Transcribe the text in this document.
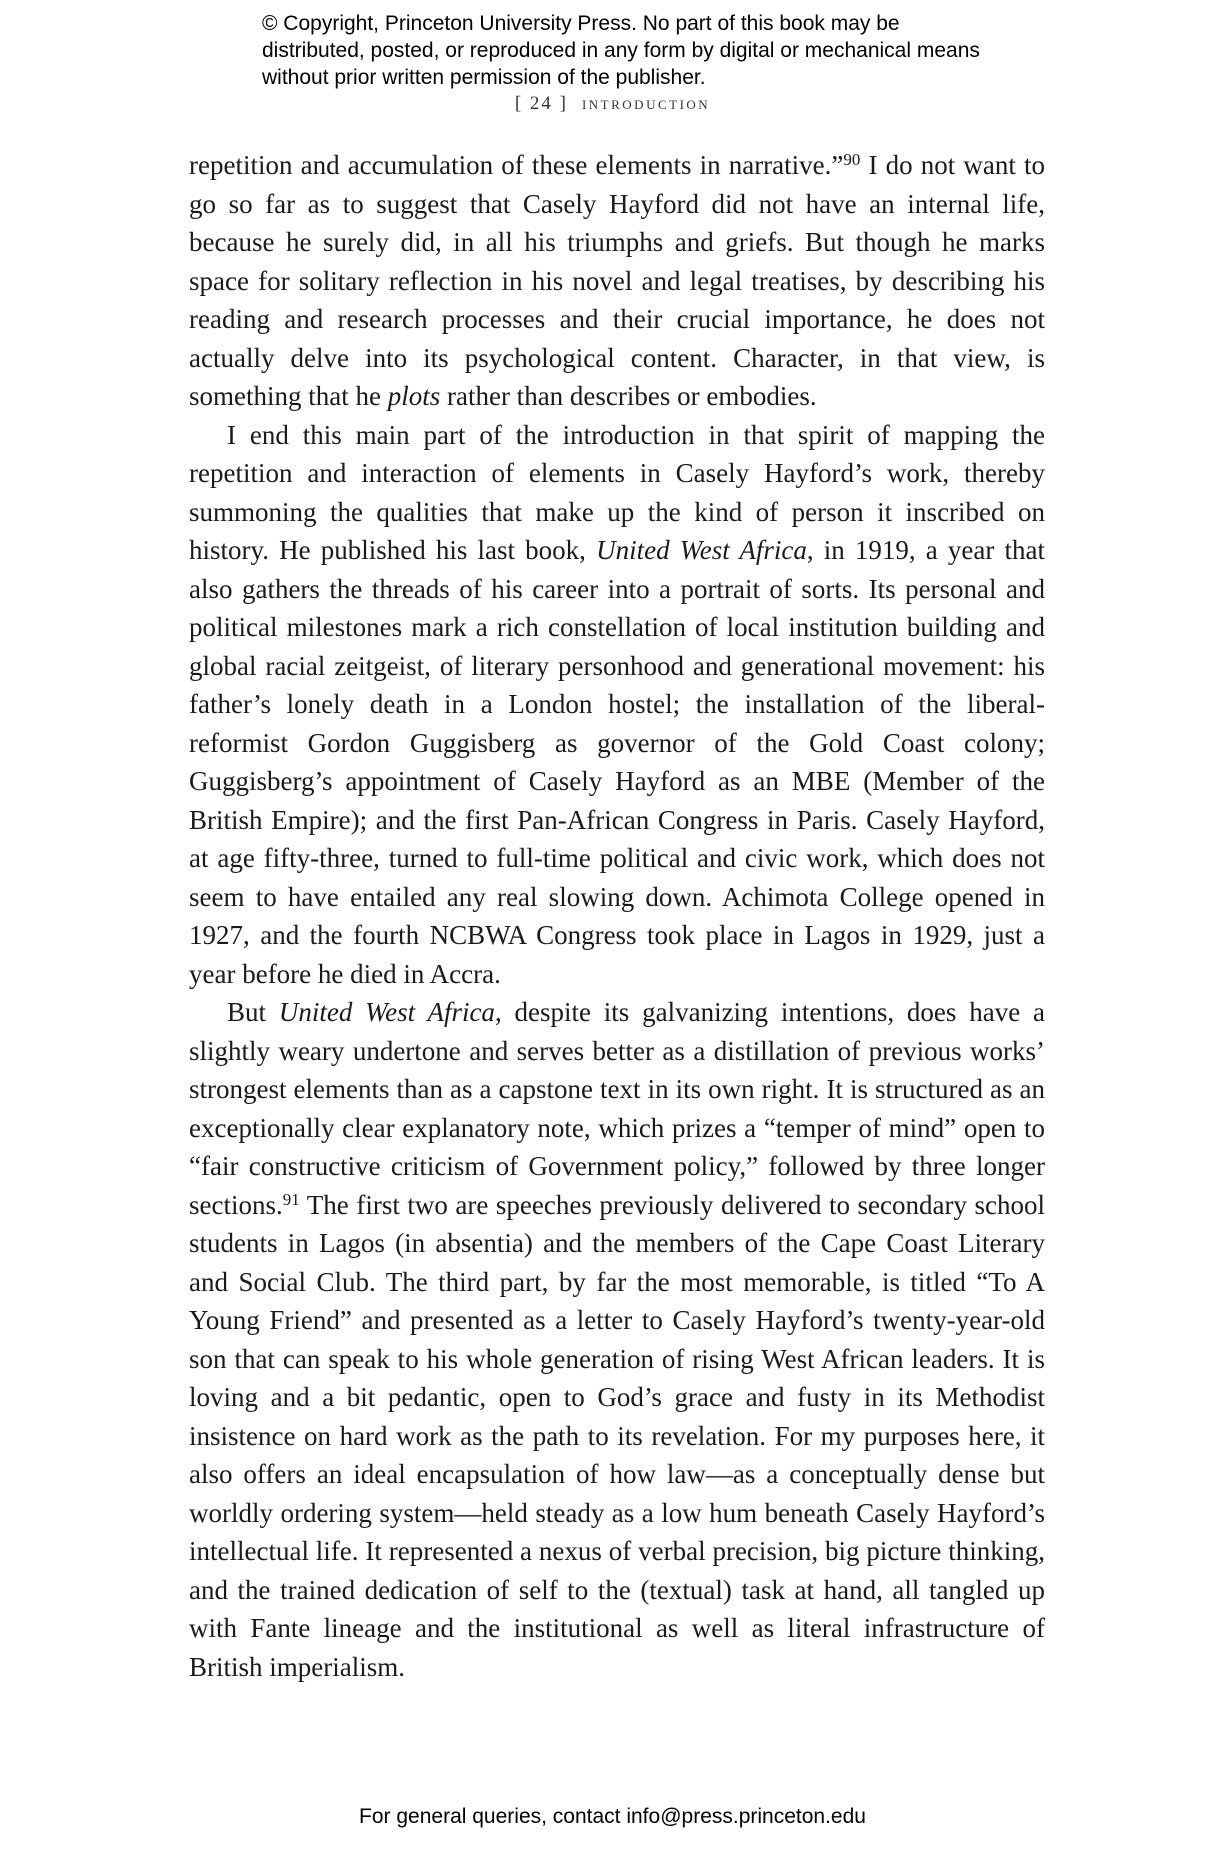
© Copyright, Princeton University Press. No part of this book may be distributed, posted, or reproduced in any form by digital or mechanical means without prior written permission of the publisher.
[ 24 ] introduction

repetition and accumulation of these elements in narrative.”$^{90}$ I do not want to go so far as to suggest that Casely Hayford did not have an internal life, because he surely did, in all his triumphs and griefs. But though he marks space for solitary reflection in his novel and legal treatises, by describing his reading and research processes and their crucial importance, he does not actually delve into its psychological content. Character, in that view, is something that he plots rather than describes or embodies.

I end this main part of the introduction in that spirit of mapping the repetition and interaction of elements in Casely Hayford’s work, thereby summoning the qualities that make up the kind of person it inscribed on history. He published his last book, United West Africa, in 1919, a year that also gathers the threads of his career into a portrait of sorts. Its personal and political milestones mark a rich constellation of local institution building and global racial zeitgeist, of literary personhood and generational movement: his father’s lonely death in a London hostel; the installation of the liberal-reformist Gordon Guggisberg as governor of the Gold Coast colony; Guggisberg’s appointment of Casely Hayford as an MBE (Member of the British Empire); and the first Pan-African Congress in Paris. Casely Hayford, at age fifty-three, turned to full-time political and civic work, which does not seem to have entailed any real slowing down. Achimota College opened in 1927, and the fourth NCBWA Congress took place in Lagos in 1929, just a year before he died in Accra.

But United West Africa, despite its galvanizing intentions, does have a slightly weary undertone and serves better as a distillation of previous works’ strongest elements than as a capstone text in its own right. It is structured as an exceptionally clear explanatory note, which prizes a “temper of mind” open to “fair constructive criticism of Government policy,” followed by three longer sections.$^{91}$ The first two are speeches previously delivered to secondary school students in Lagos (in absentia) and the members of the Cape Coast Literary and Social Club. The third part, by far the most memorable, is titled “To A Young Friend” and presented as a letter to Casely Hayford’s twenty-year-old son that can speak to his whole generation of rising West African leaders. It is loving and a bit pedantic, open to God’s grace and fusty in its Methodist insistence on hard work as the path to its revelation. For my purposes here, it also offers an ideal encapsulation of how law—as a conceptually dense but worldly ordering system—held steady as a low hum beneath Casely Hayford’s intellectual life. It represented a nexus of verbal precision, big picture thinking, and the trained dedication of self to the (textual) task at hand, all tangled up with Fante lineage and the institutional as well as literal infrastructure of British imperialism.

For general queries, contact info@press.princeton.edu
